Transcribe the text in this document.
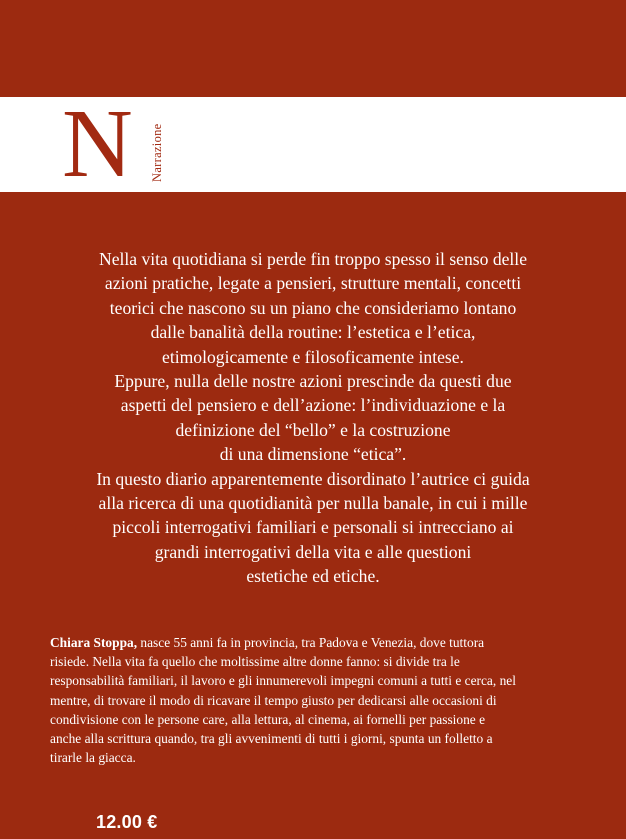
N Narrazione
Nella vita quotidiana si perde fin troppo spesso il senso delle
azioni pratiche, legate a pensieri, strutture mentali, concetti
teorici che nascono su un piano che consideriamo lontano
dalle banalità della routine: l’estetica e l’etica,
etimologicamente e filosoficamente intese.
Eppure, nulla delle nostre azioni prescinde da questi due
aspetti del pensiero e dell’azione: l’individuazione e la
definizione del “bello” e la costruzione
di una dimensione “etica”.
In questo diario apparentemente disordinato l’autrice ci guida
alla ricerca di una quotidianità per nulla banale, in cui i mille
piccoli interrogativi familiari e personali si intrecciano ai
grandi interrogativi della vita e alle questioni
estetiche ed etiche.
Chiara Stoppa, nasce 55 anni fa in provincia, tra Padova e Venezia, dove tuttora
risiede. Nella vita fa quello che moltissime altre donne fanno: si divide tra le
responsabilità familiari, il lavoro e gli innumerevoli impegni comuni a tutti e cerca, nel
mentre, di trovare il modo di ricavare il tempo giusto per dedicarsi alle occasioni di
condivisione con le persone care, alla lettura, al cinema, ai fornelli per passione e
anche alla scrittura quando, tra gli avvenimenti di tutti i giorni, spunta un folletto a
tirarle la giacca.
12.00 €
